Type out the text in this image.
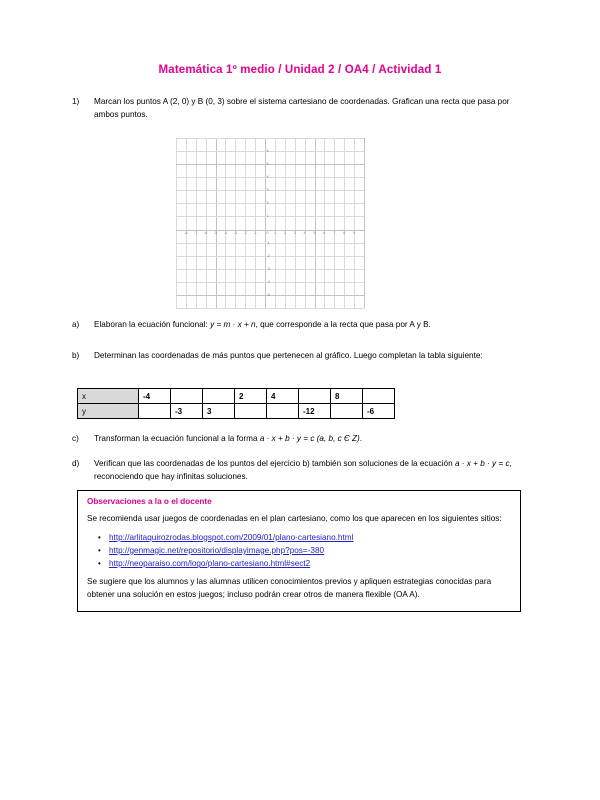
Matemática 1º medio / Unidad 2 / OA4 / Actividad 1
1)	Marcan los puntos A (2, 0) y B (0, 3) sobre el sistema cartesiano de coordenadas. Grafican una recta que pasa por ambos puntos.
-8 -7 -6 -5 -4 -3 -2 -1	1 2 3 4 5 6 7 8 9
6
5
4
3
2
1
-1
-2
-3
-4
-5
0
a)	Elaboran la ecuación funcional: y = m · x + n, que corresponde a la recta que pasa por A y B.
b)	Determinan las coordenadas de más puntos que pertenecen al gráfico. Luego completan la tabla siguiente:
x	-4			2	4		8	
y		-3	3			-12		-6
c)	Transforman la ecuación funcional a la forma a · x + b · y = c (a, b, c Є Z).
d)	Verifican que las coordenadas de los puntos del ejercicio b) también son soluciones de la ecuación a · x + b · y = c, reconociendo que hay infinitas soluciones.
Observaciones a la o el docente

Se recomienda usar juegos de coordenadas en el plan cartesiano, como los que aparecen en los siguientes sitios:

• http://arlitaquirozrodas.blogspot.com/2009/01/plano-cartesiano.html
• http://genmagic.net/repositorio/displayimage.php?pos=-380
• http://neoparaiso.com/logo/plano-cartesiano.html#sect2

Se sugiere que los alumnos y las alumnas utilicen conocimientos previos y apliquen estrategias conocidas para obtener una solución en estos juegos; incluso podrán crear otros de manera flexible (OA A).
